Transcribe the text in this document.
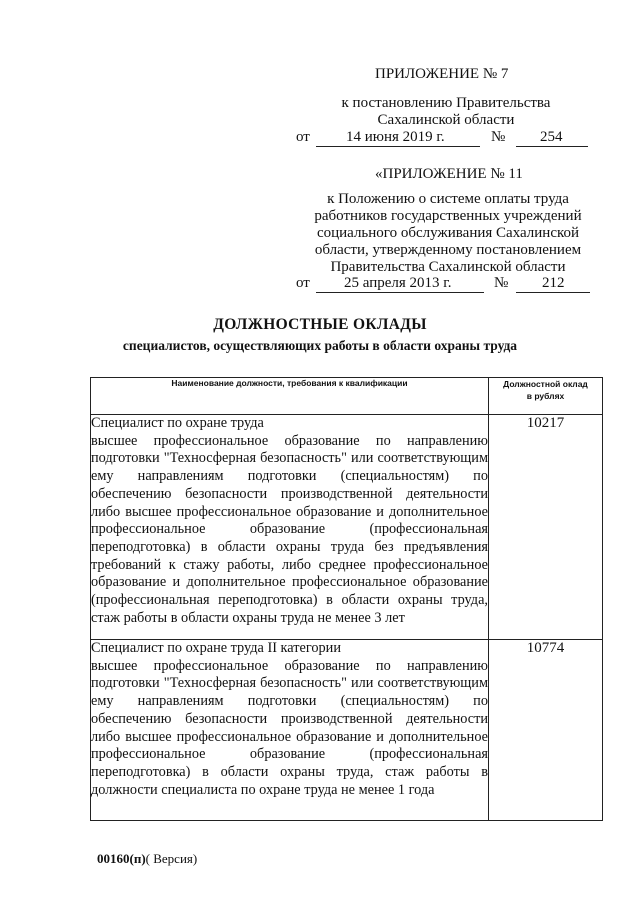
ПРИЛОЖЕНИЕ № 7
к постановлению Правительства
Сахалинской области
от 14 июня 2019 г.	№ 254
«ПРИЛОЖЕНИЕ № 11
к Положению о системе оплаты труда
работников государственных учреждений
социального обслуживания Сахалинской
области, утвержденному постановлением
Правительства Сахалинской области
от 25 апреля 2013 г.	№ 212
ДОЛЖНОСТНЫЕ ОКЛАДЫ
специалистов, осуществляющих работы в области охраны труда
Наименование должности, требования к квалификации	Должностной оклад
в рублях

Специалист по охране труда
высшее профессиональное образование по направлению подготовки "Техносферная безопасность" или соответствующим ему направлениям подготовки (специальностям) по обеспечению безопасности производственной деятельности либо высшее профессиональное образование и дополнительное профессиональное образование (профессиональная переподготовка) в области охраны труда без предъявления требований к стажу работы, либо среднее профессиональное образование и дополнительное профессиональное образование (профессиональная переподготовка) в области охраны труда, стаж работы в области охраны труда не менее 3 лет	10217

Специалист по охране труда II категории
высшее профессиональное образование по направлению подготовки "Техносферная безопасность" или соответствующим ему направлениям подготовки (специальностям) по обеспечению безопасности производственной деятельности либо высшее профессиональное образование и дополнительное профессиональное образование (профессиональная переподготовка) в области охраны труда, стаж работы в должности специалиста по охране труда не менее 1 года	10774
00160(п)( Версия)
